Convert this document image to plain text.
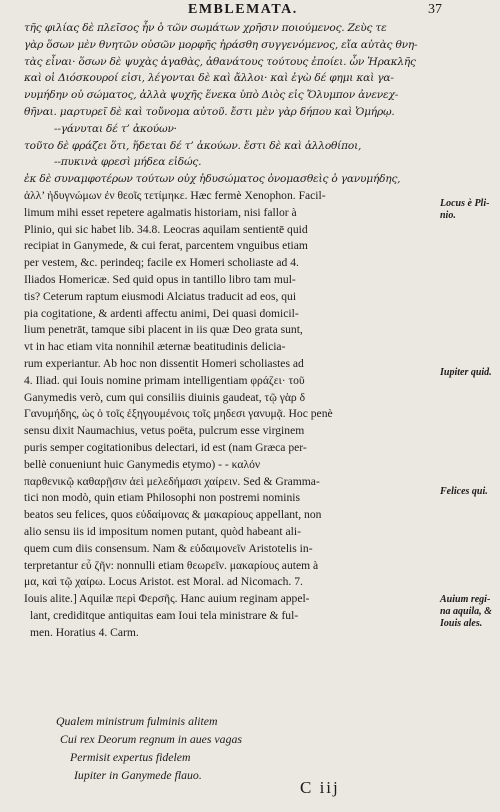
EMBLEMATA.	37
τῆς φιλίας δὲ πλεῖσος ἦν ὁ τῶν σωμάτων χρῆσιν ποιούμενος. Ζεὺς τε
γὰρ ὅσων μὲν θνητῶν οὐσῶν μορφῆς ἠράσθη συγγενόμενος, εἴα αὐτὰς θνη-
τὰς εἶναι· ὅσων δὲ ψυχὰς ἀγαθὰς, ἀθανάτους τούτους ἐποίει. ὧν Ἡρακλῆς
καὶ οἱ Διόσκουροί εἰσι, λέγονται δὲ καὶ ἄλλοι· καὶ ἐγὼ δέ φημι καὶ γα-
νυμήδην οὐ σώματος, ἀλλὰ ψυχῆς ἕνεκα ὑπὸ Διὸς εἰς Ὄλυμπον ἀνενεχ-
θῆναι. μαρτυρεῖ δὲ καὶ τοὔνομα αὐτοῦ. ἔστι μὲν γὰρ δήπου καὶ Ὁμήρῳ.
--γάνυται δέ τ’ ἀκούων·
τοῦτο δὲ φράζει ὅτι, ἥδεται δέ τ’ ἀκούων. ἔστι δὲ καὶ ἀλλοθίποι,
--πυκινὰ φρεσὶ μήδεα εἰδώς.
ἐκ δὲ συναμφοτέρων τούτων οὐχ ἡδυσώματος ὀνομασθεὶς ὁ γανυμήδης,
ἀλλ’ ἡδυγνώμων ἐν θεοῖς τετίμηκε. Hæc fermè Xenophon. Facil-
limum mihi esset repetere agalmatis historiam, nisi fallor à
Plinio, qui sic habet lib. 34.8. Leocras aquilam sentientē quid
recipiat in Ganymede, & cui ferat, parcentem vnguibus etiam
per vestem, &c. perindeq; facile ex Homeri scholiaste ad 4.
Iliados Homericæ. Sed quid opus in tantillo libro tam mul-
tis? Ceterum raptum eiusmodi Alciatus traducit ad eos, qui
pia cogitatione, & ardenti affectu animi, Dei quasi domicil-
lium penetrāt, tamque sibi placent in iis quæ Deo grata sunt,
vt in hac etiam vita nonnihil æternæ beatitudinis delicia-
rum experiantur. Ab hoc non dissentit Homeri scholiastes ad
4. Iliad. qui Iouis nomine primam intelligentiam φράζει· τοῦ
Ganymedis verò, cum qui consiliis diuinis gaudeat, τῷ γὰρ δ
Γανυμήδης, ὡς ὁ τοῖς ἐξηγουμένοις τοῖς μηδεσι γανυμᾷ. Hoc penè
sensu dixit Naumachius, vetus poëta, pulcrum esse virginem
puris semper cogitationibus delectari, id est (nam Græca per-
bellè conueniunt huic Ganymedis etymo) - - καλόν
παρθενικῷ καθαρῇσιν ἀεὶ μελεδήμασι χαίρειν. Sed & Gramma-
tici non modò, quin etiam Philosophi non postremi nominis
beatos seu felices, quos εὐδαίμονας & μακαρίους appellant, non
alio sensu iis id impositum nomen putant, quòd habeant ali-
quem cum diis consensum. Nam & εὐδαιμονεῖν Aristotelis in-
terpretantur εὖ ζῆν: nonnulli etiam θεωρεῖν. μακαρίους autem à
μα, καὶ τῷ χαίρω. Locus Aristot. est Moral. ad Nicomach. 7.
Iouis alite.] Aquilæ περὶ Φερσῆς. Hanc auium reginam appel-
lant, crediditque antiquitas eam Ioui tela ministrare & ful-
men. Horatius 4. Carm.
Qualem ministrum fulminis alitem
Cui rex Deorum regnum in aues vagas
Permisit expertus fidelem
Iupiter in Ganymede flauo.
Locus è Pli-
nio.
Iupiter quid.
Felices qui.
Auium regi-
na aquila, &
Iouis ales.
C iij
